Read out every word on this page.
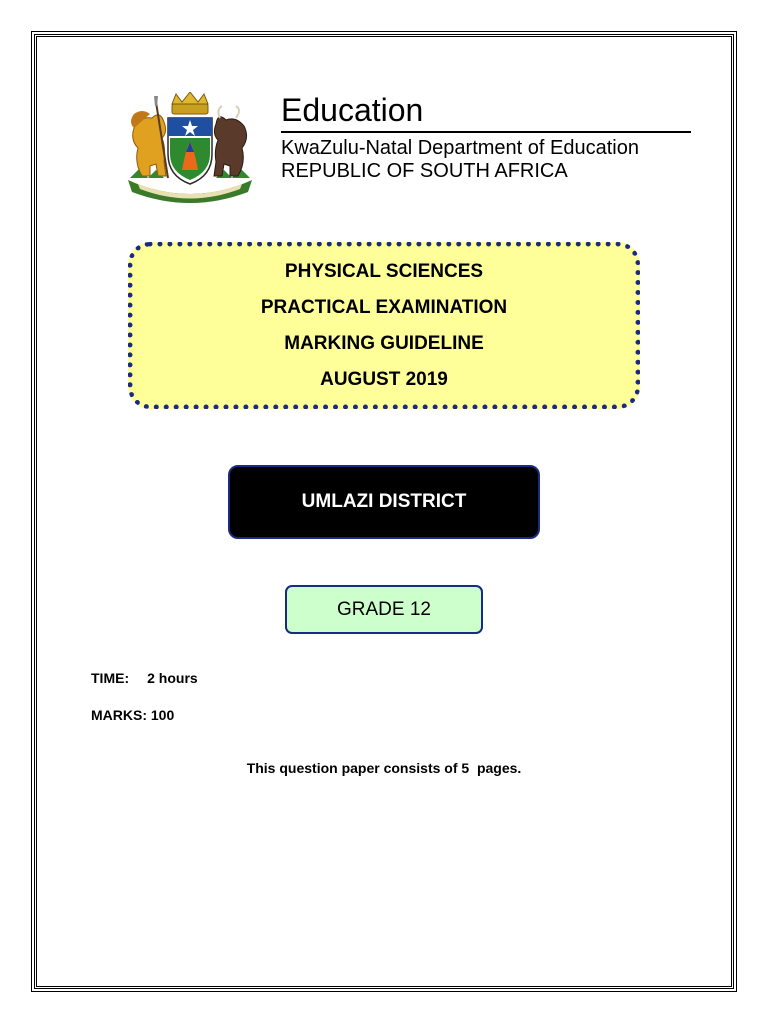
Education

KwaZulu-Natal Department of Education

REPUBLIC OF SOUTH AFRICA

PHYSICAL SCIENCES
PRACTICAL EXAMINATION
MARKING GUIDELINE
AUGUST 2019
UMLAZI DISTRICT
GRADE 12
TIME: 2 hours
MARKS: 100
This question paper consists of 5  pages.
